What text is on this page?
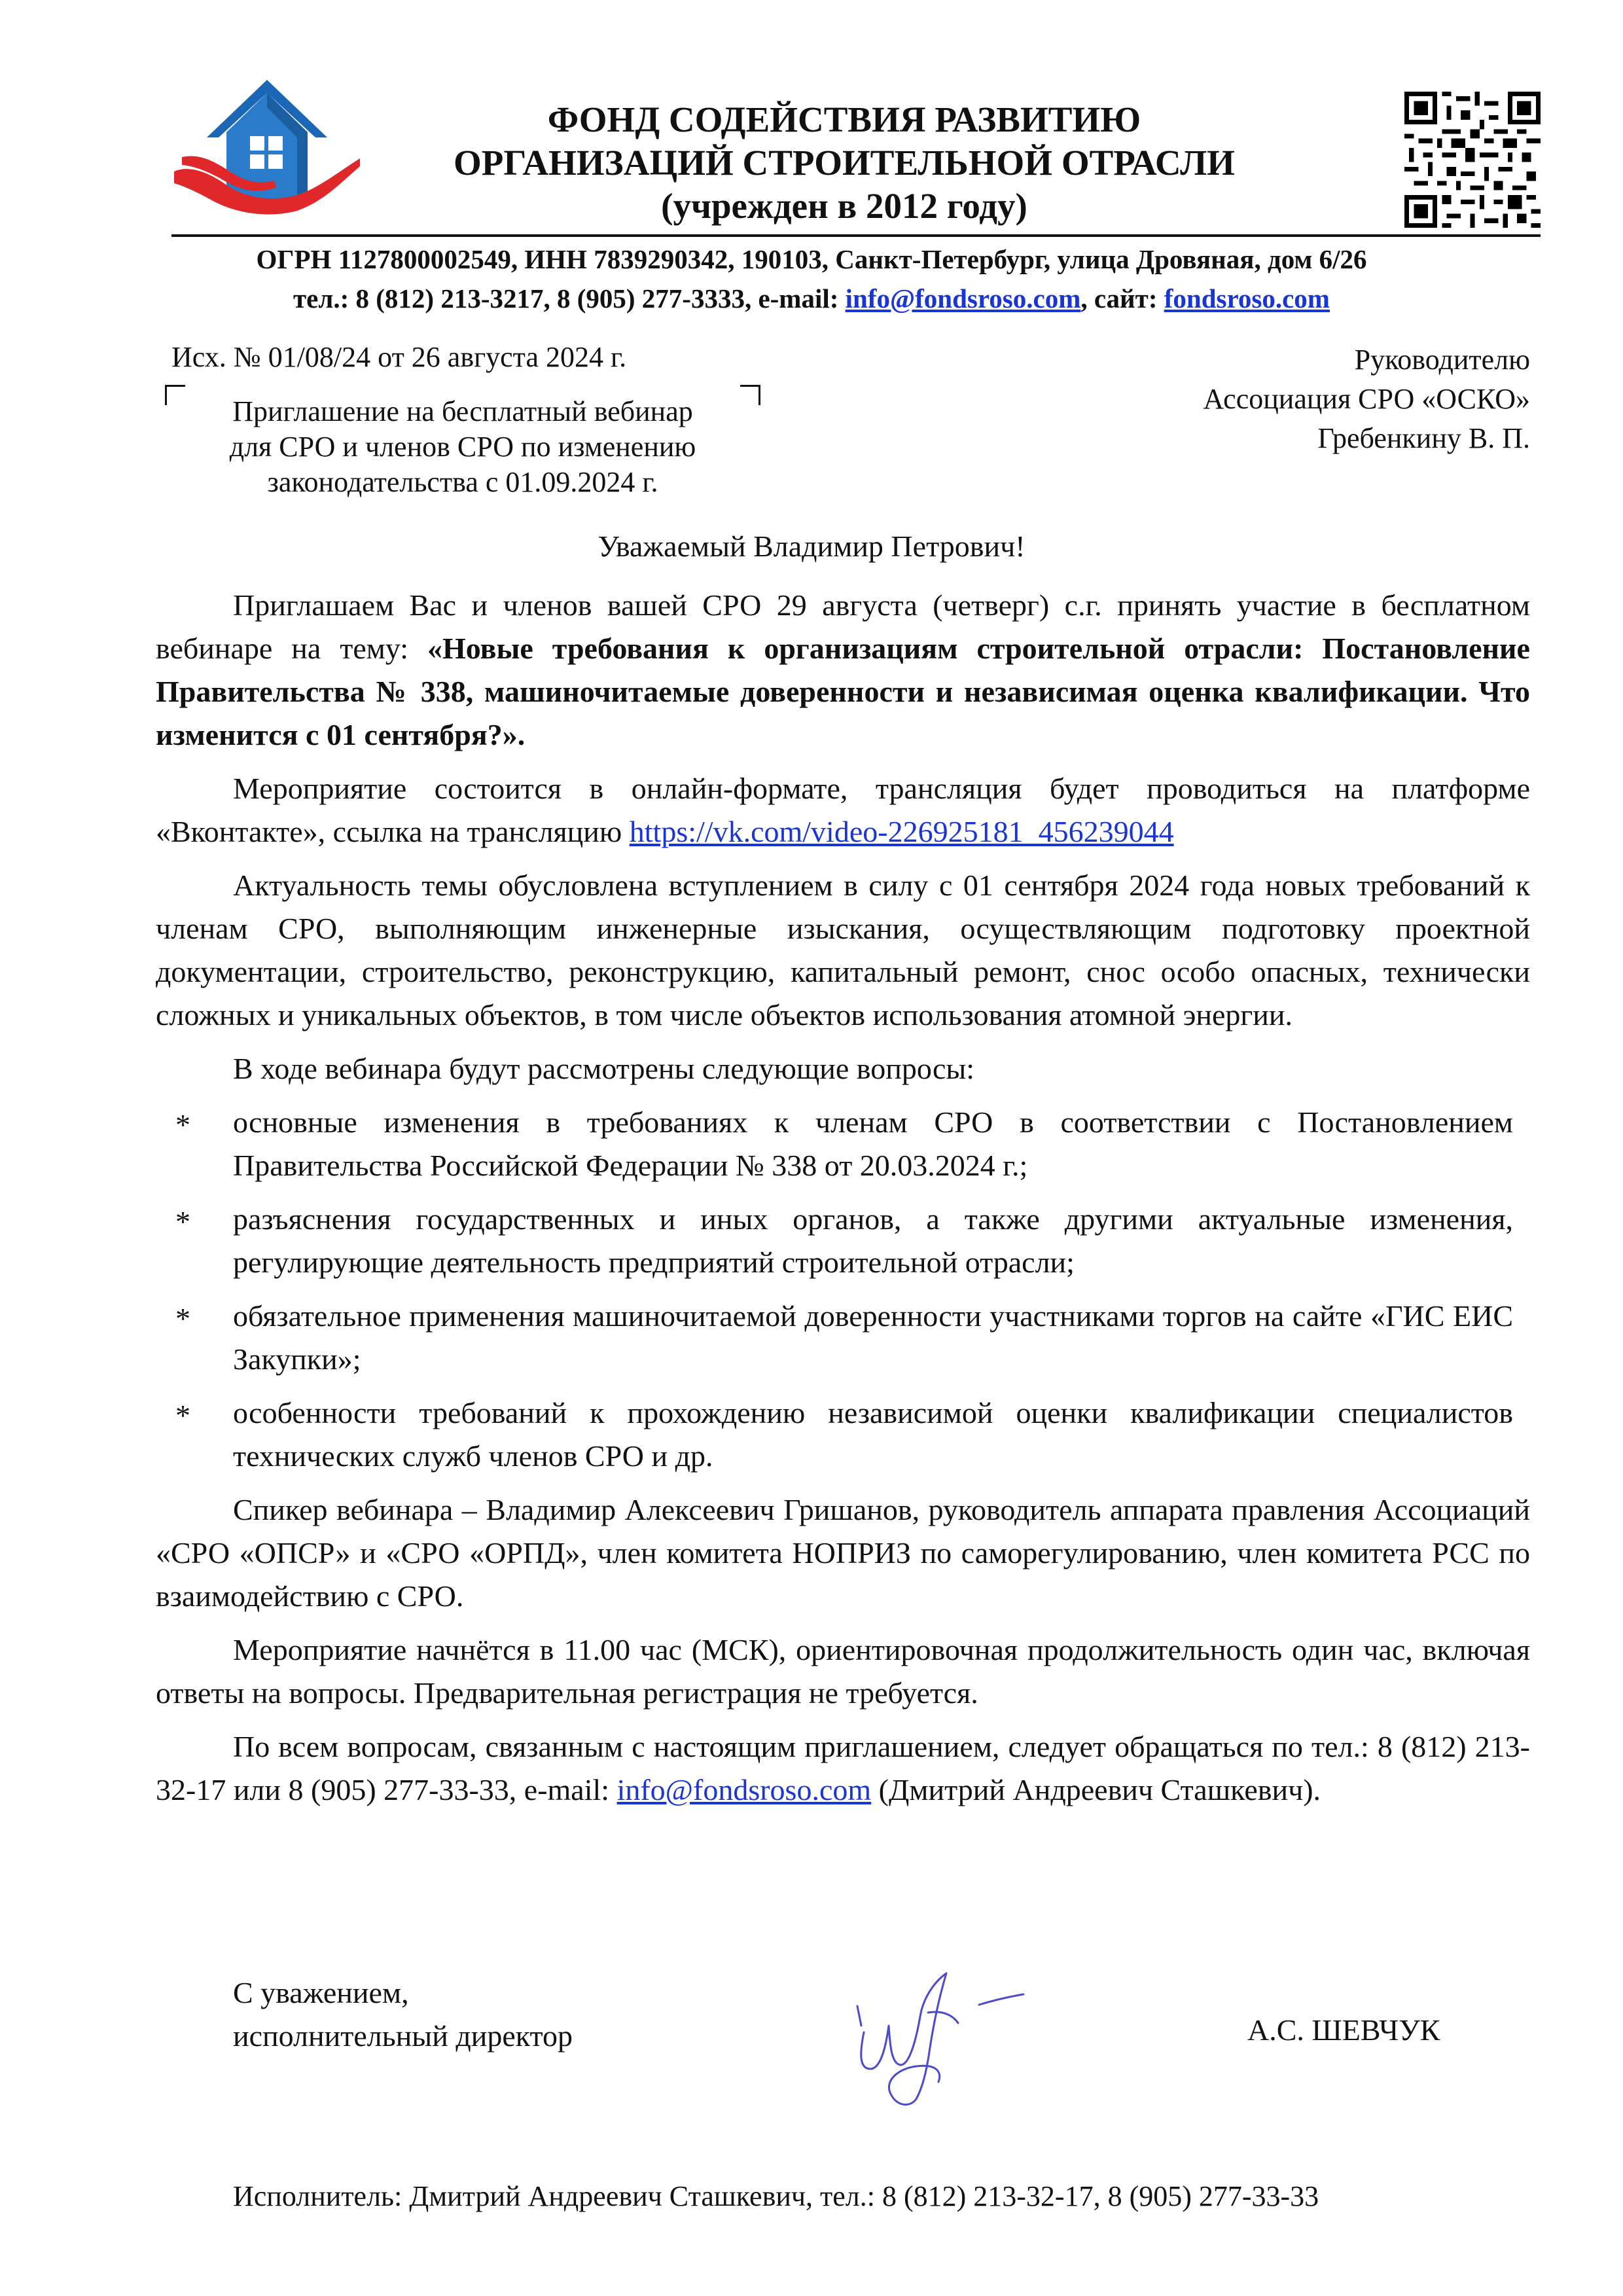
ФОНД СОДЕЙСТВИЯ РАЗВИТИЮ
ОРГАНИЗАЦИЙ СТРОИТЕЛЬНОЙ ОТРАСЛИ
(учрежден в 2012 году)
ОГРН 1127800002549, ИНН 7839290342, 190103, Санкт-Петербург, улица Дровяная, дом 6/26
тел.: 8 (812) 213-3217, 8 (905) 277-3333, e-mail: info@fondsroso.com, сайт: fondsroso.com
Исх. № 01/08/24 от 26 августа 2024 г.	Руководителю
Ассоциация СРО «ОСКО»
Гребенкину В. П.
Приглашение на бесплатный вебинар
для СРО и членов СРО по изменению
законодательства с 01.09.2024 г.
Уважаемый Владимир Петрович!

Приглашаем Вас и членов вашей СРО 29 августа (четверг) с.г. принять участие в бесплатном вебинаре на тему: «Новые требования к организациям строительной отрасли: Постановление Правительства № 338, машиночитаемые доверенности и независимая оценка квалификации. Что изменится с 01 сентября?».

Мероприятие состоится в онлайн-формате, трансляция будет проводиться на платформе «Вконтакте», ссылка на трансляцию https://vk.com/video-226925181_456239044

Актуальность темы обусловлена вступлением в силу с 01 сентября 2024 года новых требований к членам СРО, выполняющим инженерные изыскания, осуществляющим подготовку проектной документации, строительство, реконструкцию, капитальный ремонт, снос особо опасных, технически сложных и уникальных объектов, в том числе объектов использования атомной энергии.

В ходе вебинара будут рассмотрены следующие вопросы:

* основные изменения в требованиях к членам СРО в соответствии с Постановлением Правительства Российской Федерации № 338 от 20.03.2024 г.;
* разъяснения государственных и иных органов, а также другими актуальные изменения, регулирующие деятельность предприятий строительной отрасли;
* обязательное применения машиночитаемой доверенности участниками торгов на сайте «ГИС ЕИС Закупки»;
* особенности требований к прохождению независимой оценки квалификации специалистов технических служб членов СРО и др.

Спикер вебинара – Владимир Алексеевич Гришанов, руководитель аппарата правления Ассоциаций «СРО «ОПСР» и «СРО «ОРПД», член комитета НОПРИЗ по саморегулированию, член комитета РСС по взаимодействию с СРО.

Мероприятие начнётся в 11.00 час (МСК), ориентировочная продолжительность один час, включая ответы на вопросы. Предварительная регистрация не требуется.

По всем вопросам, связанным с настоящим приглашением, следует обращаться по тел.: 8 (812) 213-32-17 или 8 (905) 277-33-33, e-mail: info@fondsroso.com (Дмитрий Андреевич Сташкевич).

С уважением,
исполнительный директор	А.С. ШЕВЧУК
Исполнитель: Дмитрий Андреевич Сташкевич, тел.: 8 (812) 213-32-17, 8 (905) 277-33-33
